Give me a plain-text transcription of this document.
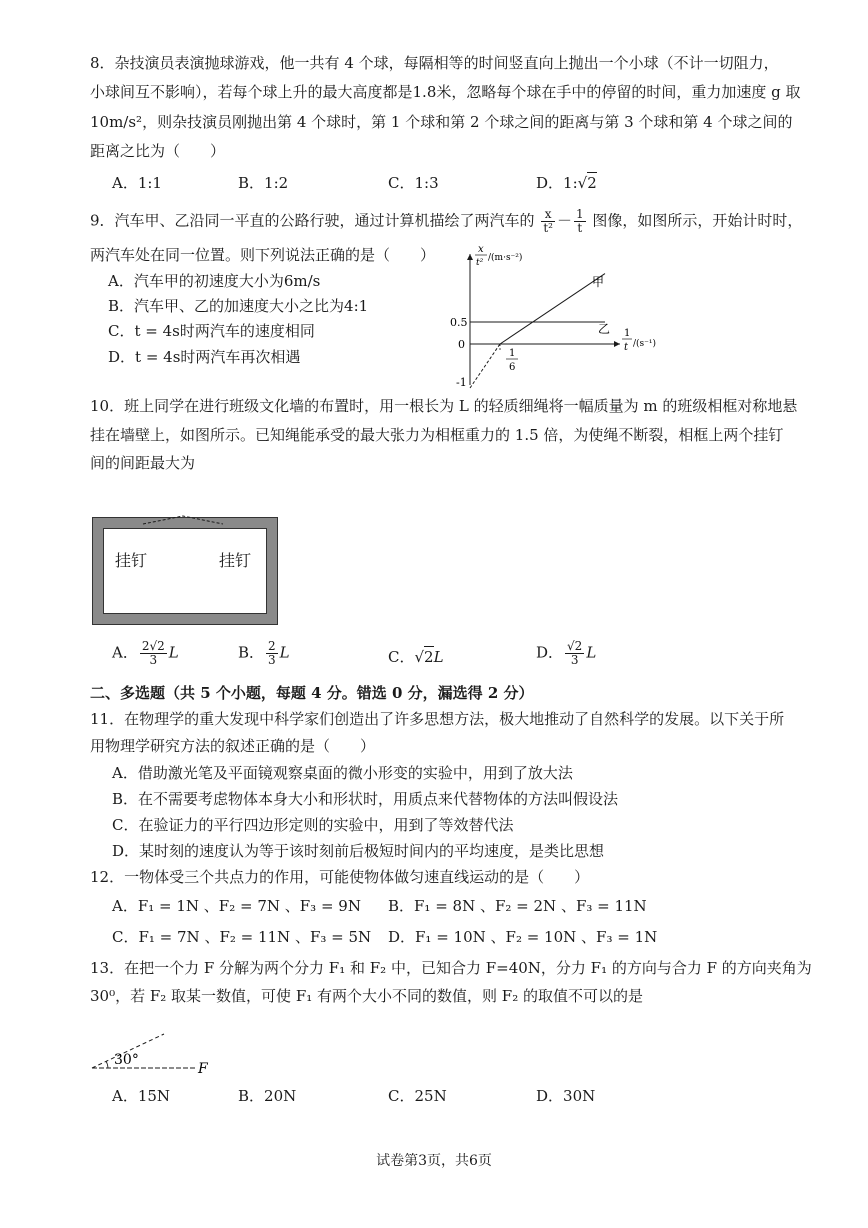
8．杂技演员表演抛球游戏，他一共有 4 个球，每隔相等的时间竖直向上抛出一个小球（不计一切阻力，
小球间互不影响），若每个球上升的最大高度都是1.8米，忽略每个球在手中的停留的时间，重力加速度 g 取
10m/s²，则杂技演员刚抛出第 4 个球时，第 1 个球和第 2 个球之间的距离与第 3 个球和第 4 个球之间的
距离之比为（　　）
A．1:1	B．1:2	C．1:3	D．1:√2
9．汽车甲、乙沿同一平直的公路行驶，通过计算机描绘了两汽车的 $\frac{x}{\text{t²}} - \frac{1}{t}$ 图像，如图所示，开始计时时，
两汽车处在同一位置。则下列说法正确的是（　　）
A．汽车甲的初速度大小为6m/s
B．汽车甲、乙的加速度大小之比为4:1
C．t = 4s时两汽车的速度相同
D．t = 4s时两汽车再次相遇
x
t² /(m·s⁻²)
1
t /(s⁻¹)
0.5
0
-1
1
6
甲
乙
10．班上同学在进行班级文化墙的布置时，用一根长为 L 的轻质细绳将一幅质量为 m 的班级相框对称地悬
挂在墙壁上，如图所示。已知绳能承受的最大张力为相框重力的 1.5 倍，为使绳不断裂，相框上两个挂钉
间的间距最大为
挂钉	挂钉
A． $\frac{2√2}{3}$ L	B． $\frac{2}{3}$ L	C．√2L	D． $\frac{√2}{3}$ L
二、多选题（共 5 个小题，每题 4 分。错选 0 分，漏选得 2 分）
11．在物理学的重大发现中科学家们创造出了许多思想方法，极大地推动了自然科学的发展。以下关于所
用物理学研究方法的叙述正确的是（　　）
A．借助激光笔及平面镜观察桌面的微小形变的实验中，用到了放大法
B．在不需要考虑物体本身大小和形状时，用质点来代替物体的方法叫假设法
C．在验证力的平行四边形定则的实验中，用到了等效替代法
D．某时刻的速度认为等于该时刻前后极短时间内的平均速度，是类比思想
12．一物体受三个共点力的作用，可能使物体做匀速直线运动的是（　　）
A．F₁ = 1N 、F₂ = 7N 、F₃ = 9N B．F₁ = 8N 、F₂ = 2N 、F₃ = 11N
C．F₁ = 7N 、F₂ = 11N 、F₃ = 5N D．F₁ = 10N 、F₂ = 10N 、F₃ = 1N
13．在把一个力 F 分解为两个分力 F₁ 和 F₂ 中，已知合力 F=40N，分力 F₁ 的方向与合力 F 的方向夹角为
30⁰，若 F₂ 取某一数值，可使 F₁ 有两个大小不同的数值，则 F₂ 的取值不可以的是
30°
F
A．15N	B．20N	C．25N	D．30N
试卷第3页，共6页
